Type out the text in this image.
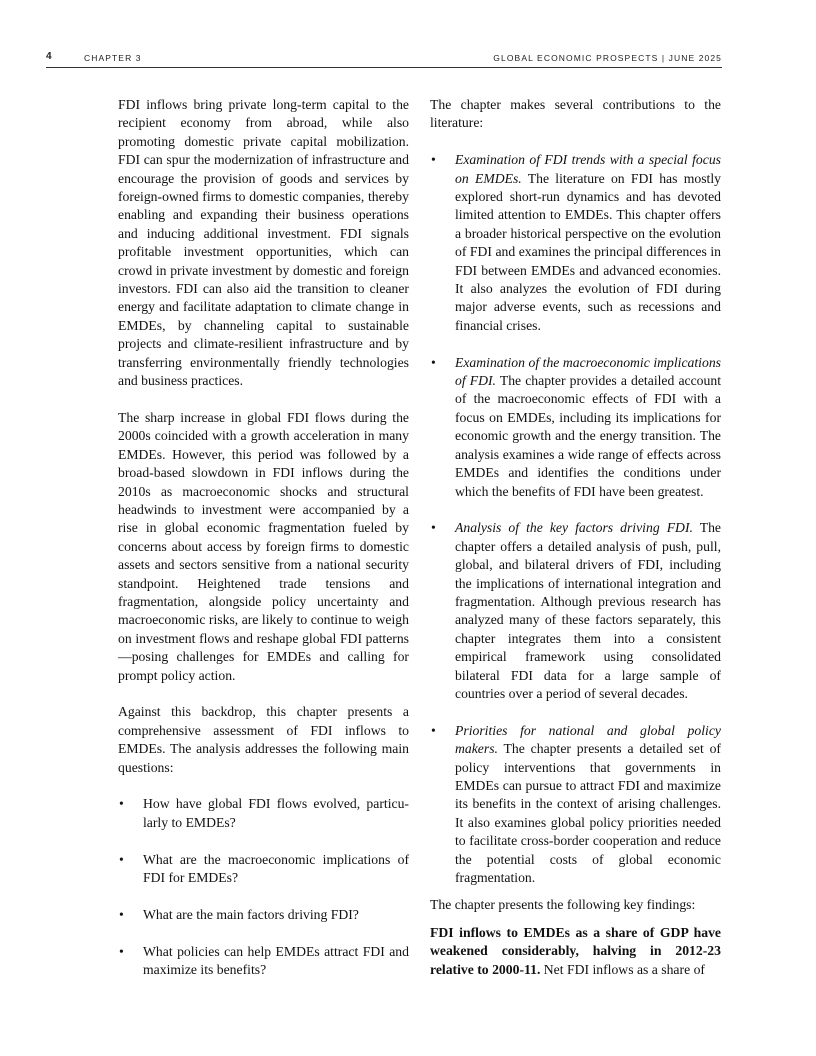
4	CHAPTER 3	GLOBAL ECONOMIC PROSPECTS | JUNE 2025

FDI inflows bring private long-term capital to the recipient economy from abroad, while also promoting domestic private capital mobilization. FDI can spur the modernization of infrastructure and encourage the provision of goods and services by foreign-owned firms to domestic companies, thereby enabling and expanding their business operations and inducing additional investment. FDI signals profitable investment opportunities, which can crowd in private investment by domestic and foreign investors. FDI can also aid the transition to cleaner energy and facilitate adaptation to climate change in EMDEs, by channeling capital to sustainable projects and climate-resilient infrastructure and by transferring environmentally friendly technologies and business practices.

The sharp increase in global FDI flows during the 2000s coincided with a growth acceleration in many EMDEs. However, this period was followed by a broad-based slowdown in FDI inflows during the 2010s as macroeconomic shocks and structural headwinds to investment were accompanied by a rise in global economic fragmentation fueled by concerns about access by foreign firms to domestic assets and sectors sensitive from a national security standpoint. Heightened trade tensions and fragmentation, alongside policy uncertainty and macroeconomic risks, are likely to continue to weigh on investment flows and reshape global FDI patterns—posing challenges for EMDEs and calling for prompt policy action.

Against this backdrop, this chapter presents a comprehensive assessment of FDI inflows to EMDEs. The analysis addresses the following main questions:

• How have global FDI flows evolved, particu-larly to EMDEs?
• What are the macroeconomic implications of FDI for EMDEs?
• What are the main factors driving FDI?
• What policies can help EMDEs attract FDI and maximize its benefits?

The chapter makes several contributions to the literature:

• Examination of FDI trends with a special focus on EMDEs. The literature on FDI has mostly explored short-run dynamics and has devoted limited attention to EMDEs. This chapter offers a broader historical perspective on the evolution of FDI and examines the principal differences in FDI between EMDEs and advanced economies. It also analyzes the evolution of FDI during major adverse events, such as recessions and financial crises.
• Examination of the macroeconomic implications of FDI. The chapter provides a detailed account of the macroeconomic effects of FDI with a focus on EMDEs, including its implications for economic growth and the energy transition. The analysis examines a wide range of effects across EMDEs and identifies the conditions under which the benefits of FDI have been greatest.
• Analysis of the key factors driving FDI. The chapter offers a detailed analysis of push, pull, global, and bilateral drivers of FDI, including the implications of international integration and fragmentation. Although previous research has analyzed many of these factors separately, this chapter integrates them into a consistent empirical framework using consolidated bilateral FDI data for a large sample of countries over a period of several decades.
• Priorities for national and global policy makers. The chapter presents a detailed set of policy interventions that governments in EMDEs can pursue to attract FDI and maximize its benefits in the context of arising challenges. It also examines global policy priorities needed to facilitate cross-border cooperation and reduce the potential costs of global economic fragmentation.

The chapter presents the following key findings:

FDI inflows to EMDEs as a share of GDP have weakened considerably, halving in 2012-23 relative to 2000-11. Net FDI inflows as a share of
